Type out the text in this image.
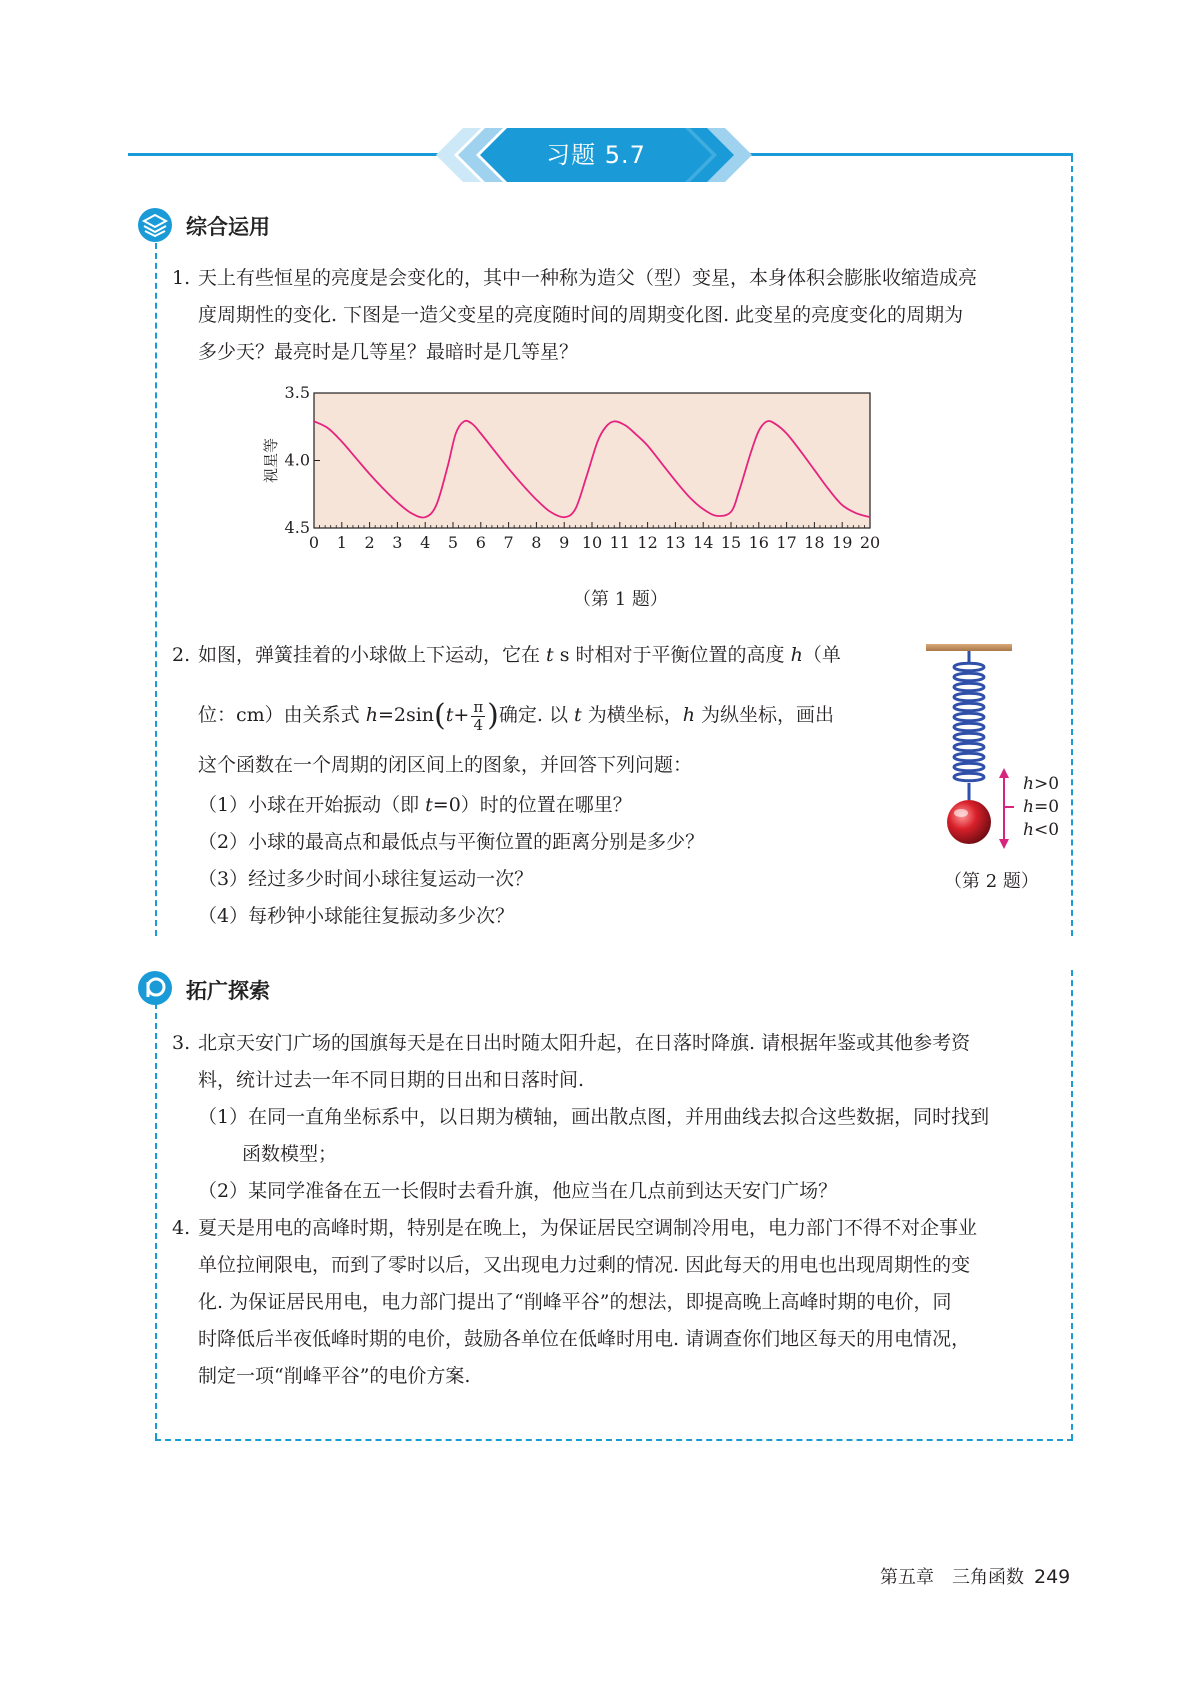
习题 5.7
综合运用
1. 天上有些恒星的亮度是会变化的，其中一种称为造父（型）变星，本身体积会膨胀收缩造成亮
度周期性的变化. 下图是一造父变星的亮度随时间的周期变化图. 此变星的亮度变化的周期为
多少天？最亮时是几等星？最暗时是几等星？
0 1 2 3 4 5 6 7 8 9 10 11 12 13 14 15 16 17 18 19 20
3.5
4.0
4.5
视星等
（第 1 题）
2. 如图，弹簧挂着的小球做上下运动，它在 t s 时相对于平衡位置的高度 h（单
位：cm）由关系式 $h=2\sin(t+ \frac{\pi}{4}$ )确定. 以 t 为横坐标，h 为纵坐标，画出
这个函数在一个周期的闭区间上的图象，并回答下列问题：
（1）小球在开始振动（即 t=0）时的位置在哪里？
（2）小球的最高点和最低点与平衡位置的距离分别是多少？
（3）经过多少时间小球往复运动一次？
（4）每秒钟小球能往复振动多少次？
h>0
h=0
h<0
（第 2 题）
拓广探索
3. 北京天安门广场的国旗每天是在日出时随太阳升起，在日落时降旗. 请根据年鉴或其他参考资
料，统计过去一年不同日期的日出和日落时间.
（1）在同一直角坐标系中，以日期为横轴，画出散点图，并用曲线去拟合这些数据，同时找到
函数模型；
（2）某同学准备在五一长假时去看升旗，他应当在几点前到达天安门广场？
4. 夏天是用电的高峰时期，特别是在晚上，为保证居民空调制冷用电，电力部门不得不对企事业
单位拉闸限电，而到了零时以后，又出现电力过剩的情况. 因此每天的用电也出现周期性的变
化. 为保证居民用电，电力部门提出了“削峰平谷”的想法，即提高晚上高峰时期的电价，同
时降低后半夜低峰时期的电价，鼓励各单位在低峰时用电. 请调查你们地区每天的用电情况，
制定一项“削峰平谷”的电价方案.
第五章　三角函数 249
